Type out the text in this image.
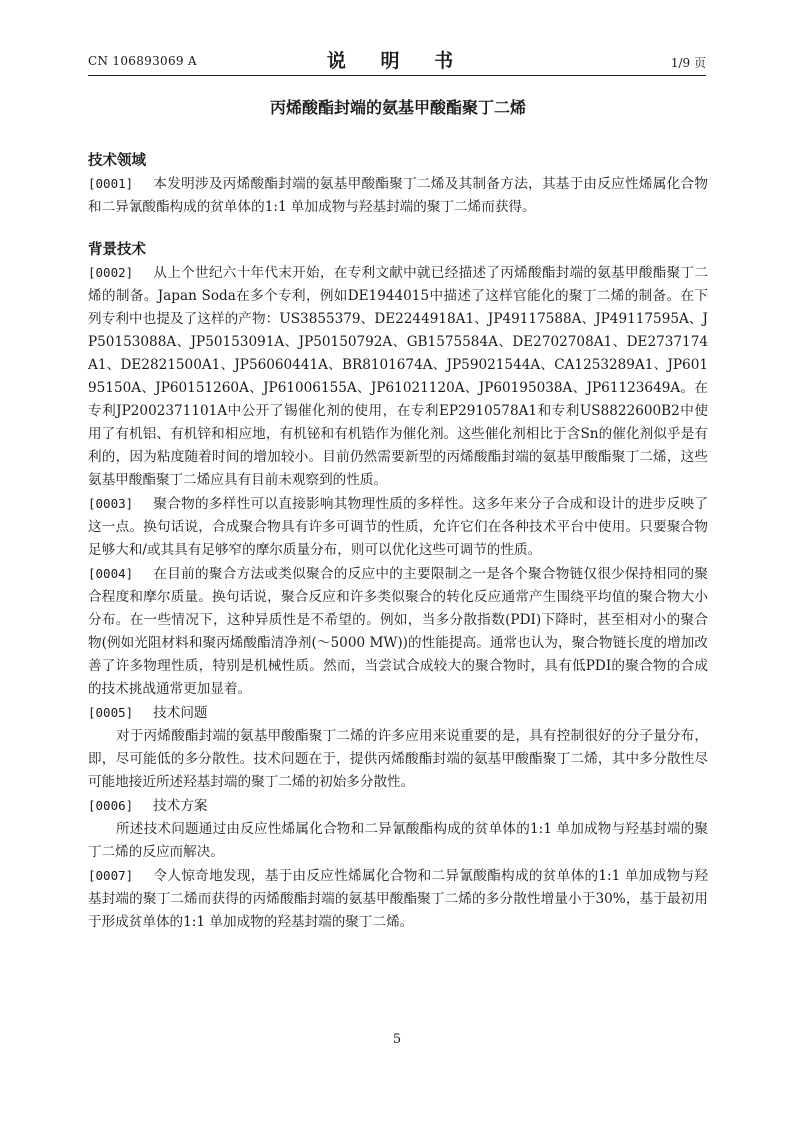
CN 106893069 A	说 明 书	1/9 页
丙烯酸酯封端的氨基甲酸酯聚丁二烯
技术领域

[0001] 本发明涉及丙烯酸酯封端的氨基甲酸酯聚丁二烯及其制备方法，其基于由反应性烯属化合物和二异氰酸酯构成的贫单体的1:1 单加成物与羟基封端的聚丁二烯而获得。

背景技术

[0002] 从上个世纪六十年代末开始，在专利文献中就已经描述了丙烯酸酯封端的氨基甲酸酯聚丁二烯的制备。Japan Soda在多个专利，例如DE1944015中描述了这样官能化的聚丁二烯的制备。在下列专利中也提及了这样的产物：US3855379、DE2244918A1、JP49117588A、JP49117595A、JP50153088A、JP50153091A、JP50150792A、GB1575584A、DE2702708A1、DE2737174A1、DE2821500A1、JP56060441A、BR8101674A、JP59021544A、CA1253289A1、JP60195150A、JP60151260A、JP61006155A、JP61021120A、JP60195038A、JP61123649A。在专利JP2002371101A中公开了锡催化剂的使用，在专利EP2910578A1和专利US8822600B2中使用了有机铝、有机锌和相应地，有机铋和有机锆作为催化剂。这些催化剂相比于含Sn的催化剂似乎是有利的，因为粘度随着时间的增加较小。目前仍然需要新型的丙烯酸酯封端的氨基甲酸酯聚丁二烯，这些氨基甲酸酯聚丁二烯应具有目前未观察到的性质。

[0003] 聚合物的多样性可以直接影响其物理性质的多样性。这多年来分子合成和设计的进步反映了这一点。换句话说，合成聚合物具有许多可调节的性质，允许它们在各种技术平台中使用。只要聚合物足够大和/或其具有足够窄的摩尔质量分布，则可以优化这些可调节的性质。

[0004] 在目前的聚合方法或类似聚合的反应中的主要限制之一是各个聚合物链仅很少保持相同的聚合程度和摩尔质量。换句话说，聚合反应和许多类似聚合的转化反应通常产生围绕平均值的聚合物大小分布。在一些情况下，这种异质性是不希望的。例如，当多分散指数(PDI)下降时，甚至相对小的聚合物(例如光阻材料和聚丙烯酸酯清净剂(～5000 MW))的性能提高。通常也认为，聚合物链长度的增加改善了许多物理性质，特别是机械性质。然而，当尝试合成较大的聚合物时，具有低PDI的聚合物的合成的技术挑战通常更加显着。

[0005] 技术问题

对于丙烯酸酯封端的氨基甲酸酯聚丁二烯的许多应用来说重要的是，具有控制很好的分子量分布，即，尽可能低的多分散性。技术问题在于，提供丙烯酸酯封端的氨基甲酸酯聚丁二烯，其中多分散性尽可能地接近所述羟基封端的聚丁二烯的初始多分散性。

[0006] 技术方案

所述技术问题通过由反应性烯属化合物和二异氰酸酯构成的贫单体的1:1 单加成物与羟基封端的聚丁二烯的反应而解决。

[0007] 令人惊奇地发现，基于由反应性烯属化合物和二异氰酸酯构成的贫单体的1:1 单加成物与羟基封端的聚丁二烯而获得的丙烯酸酯封端的氨基甲酸酯聚丁二烯的多分散性增量小于30%，基于最初用于形成贫单体的1:1 单加成物的羟基封端的聚丁二烯。

5
